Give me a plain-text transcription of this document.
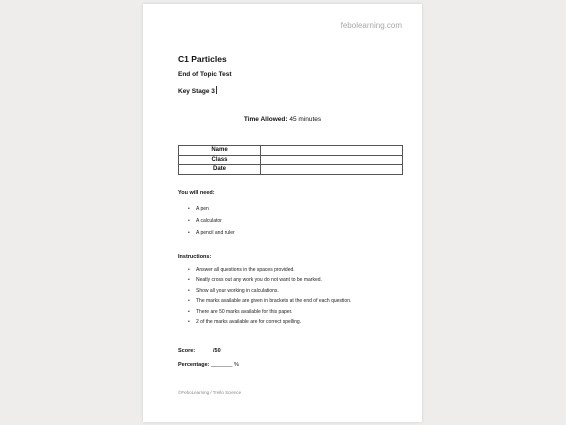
febolearning.com
C1 Particles
End of Topic Test
Key Stage 3
Time Allowed: 45 minutes
Name	
Class	
Date	
You will need:
• A pen
• A calculator
• A pencil and ruler
Instructions:
• Answer all questions in the spaces provided.
• Neatly cross out any work you do not want to be marked.
• Show all your working in calculations.
• The marks available are given in brackets at the end of each question.
• There are 50 marks available for this paper.
• 2 of the marks available are for correct spelling.
Score:	/50
Percentage: _______ %
©FeboLearning / Trello Science
